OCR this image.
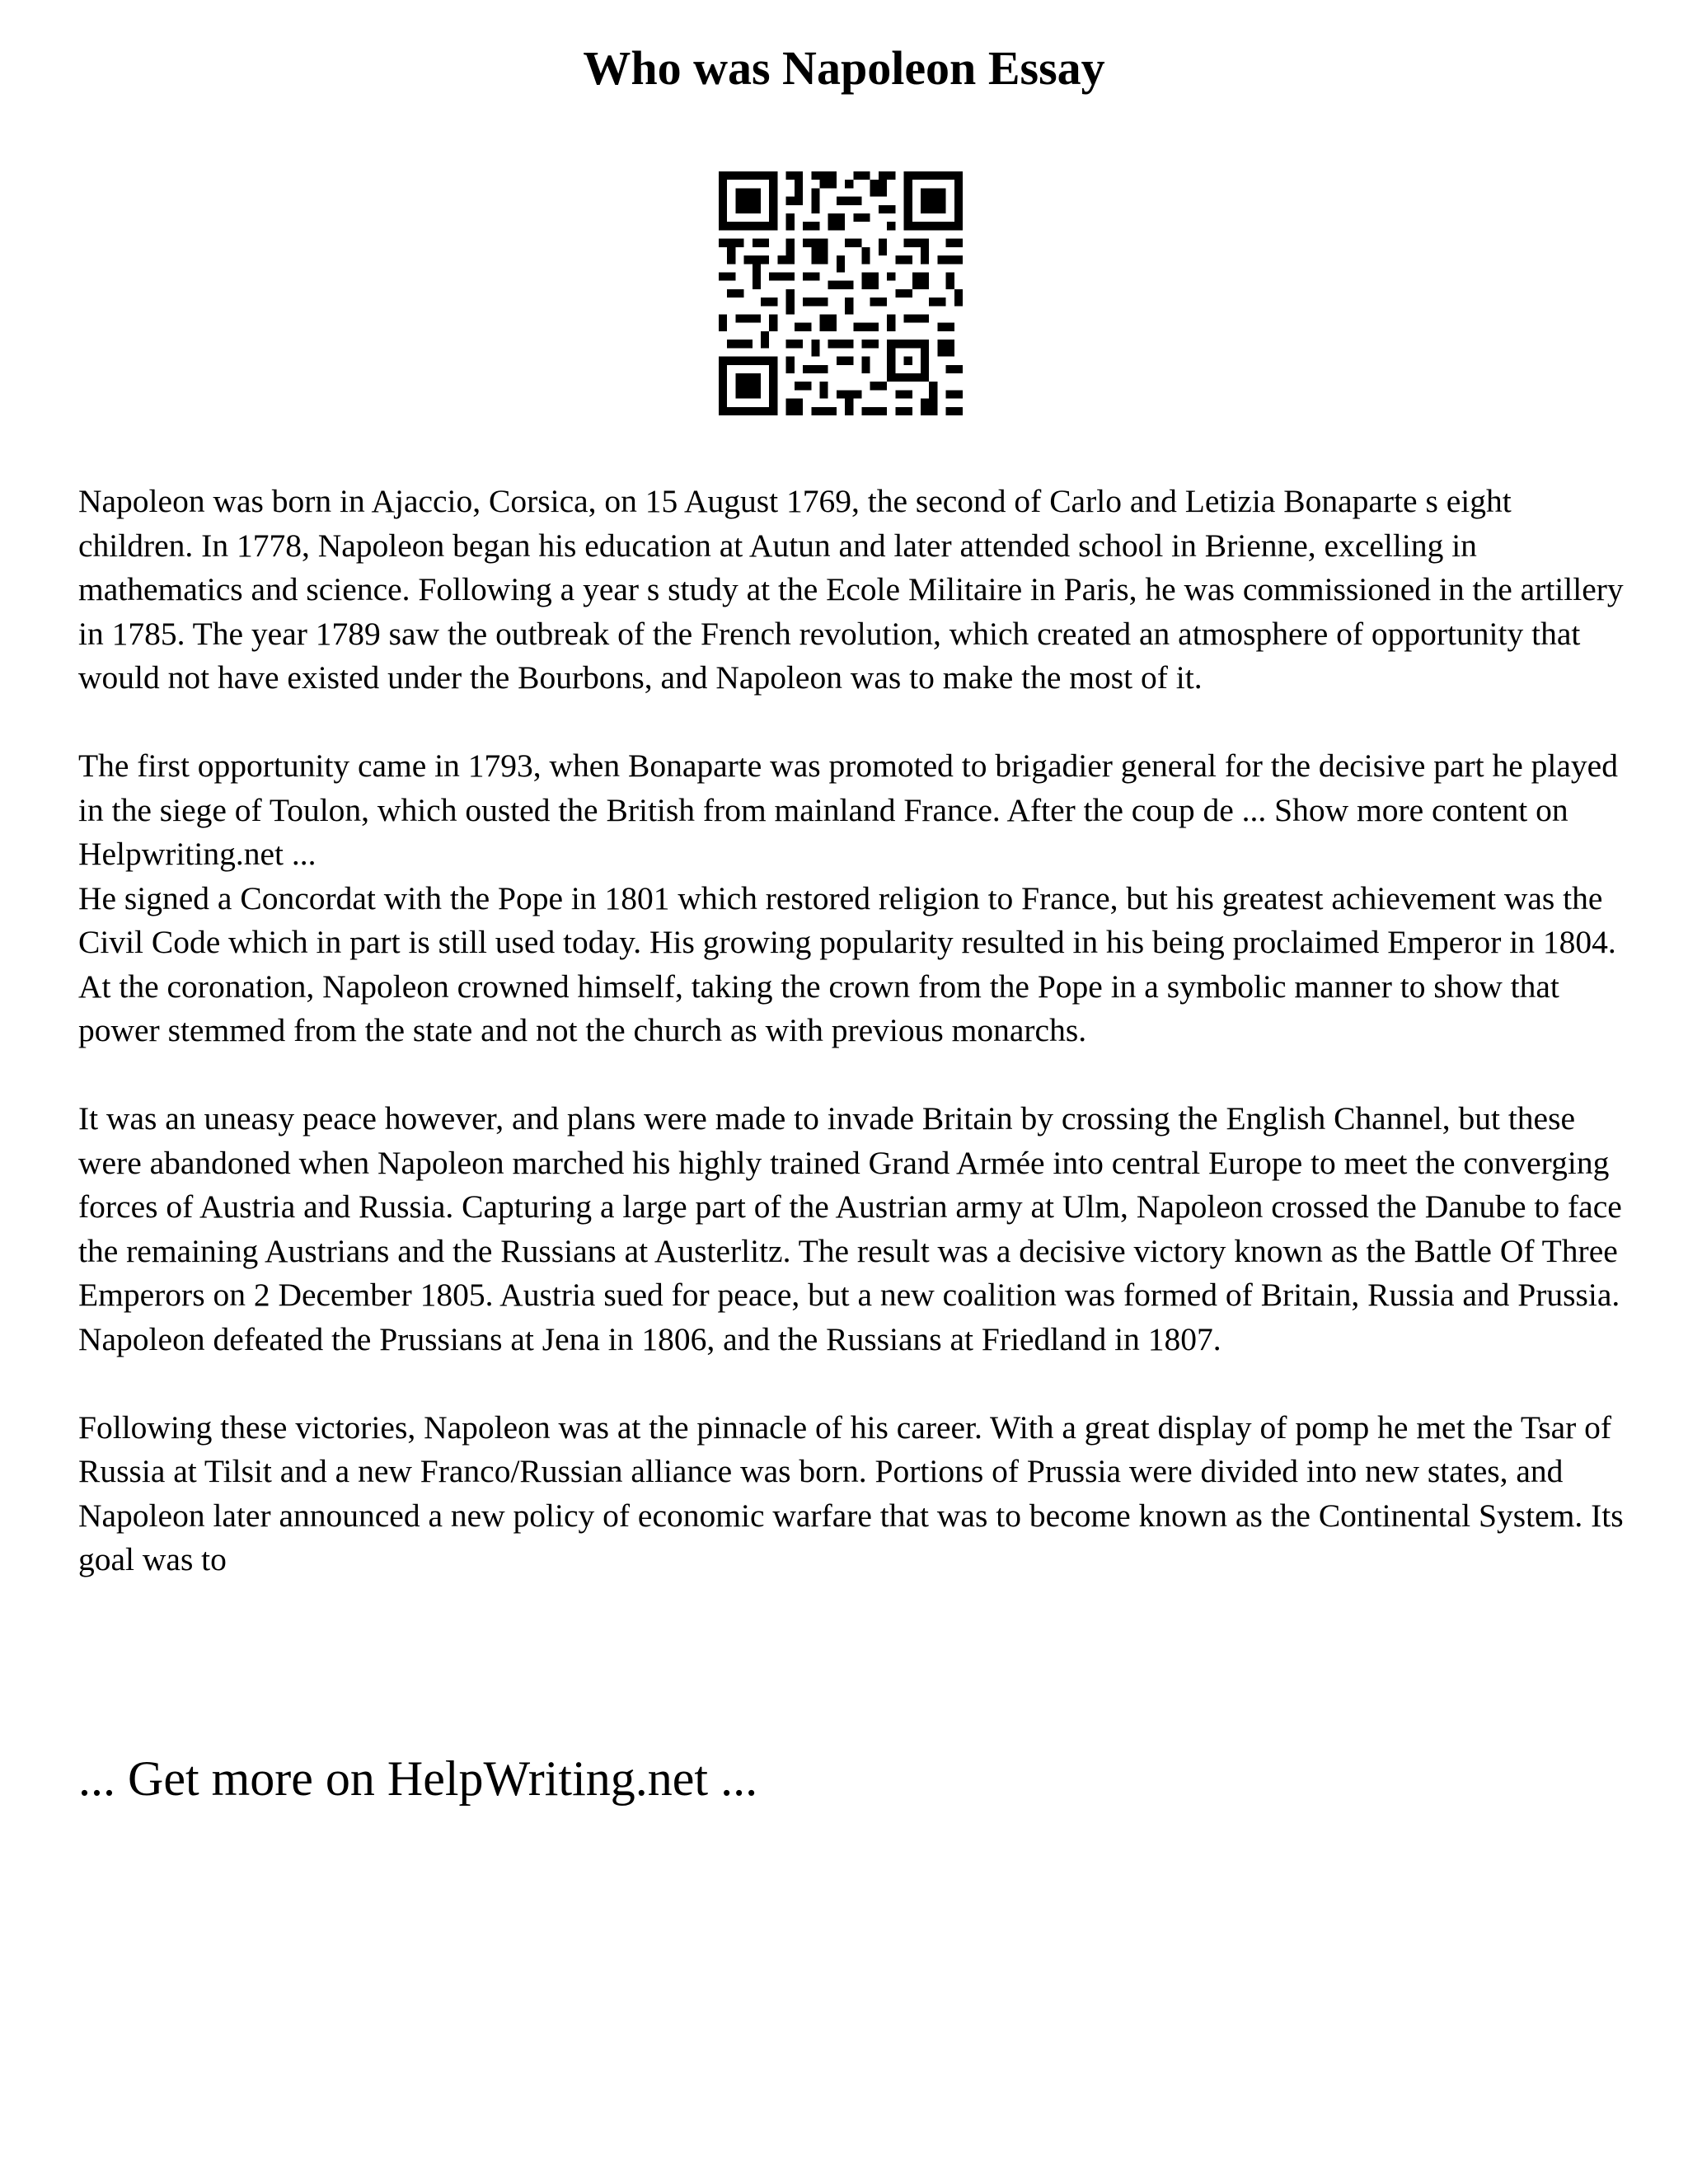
Who was Napoleon Essay

Napoleon was born in Ajaccio, Corsica, on 15 August 1769, the second of Carlo and Letizia Bonaparte s eight children. In 1778, Napoleon began his education at Autun and later attended school in Brienne, excelling in mathematics and science. Following a year s study at the Ecole Militaire in Paris, he was commissioned in the artillery in 1785. The year 1789 saw the outbreak of the French revolution, which created an atmosphere of opportunity that would not have existed under the Bourbons, and Napoleon was to make the most of it.

The first opportunity came in 1793, when Bonaparte was promoted to brigadier general for the decisive part he played in the siege of Toulon, which ousted the British from mainland France. After the coup de ... Show more content on Helpwriting.net ...

He signed a Concordat with the Pope in 1801 which restored religion to France, but his greatest achievement was the Civil Code which in part is still used today. His growing popularity resulted in his being proclaimed Emperor in 1804. At the coronation, Napoleon crowned himself, taking the crown from the Pope in a symbolic manner to show that power stemmed from the state and not the church as with previous monarchs.

It was an uneasy peace however, and plans were made to invade Britain by crossing the English Channel, but these were abandoned when Napoleon marched his highly trained Grand Armée into central Europe to meet the converging forces of Austria and Russia. Capturing a large part of the Austrian army at Ulm, Napoleon crossed the Danube to face the remaining Austrians and the Russians at Austerlitz. The result was a decisive victory known as the Battle Of Three Emperors on 2 December 1805. Austria sued for peace, but a new coalition was formed of Britain, Russia and Prussia. Napoleon defeated the Prussians at Jena in 1806, and the Russians at Friedland in 1807.

Following these victories, Napoleon was at the pinnacle of his career. With a great display of pomp he met the Tsar of Russia at Tilsit and a new Franco/Russian alliance was born. Portions of Prussia were divided into new states, and Napoleon later announced a new policy of economic warfare that was to become known as the Continental System. Its goal was to

... Get more on HelpWriting.net ...
